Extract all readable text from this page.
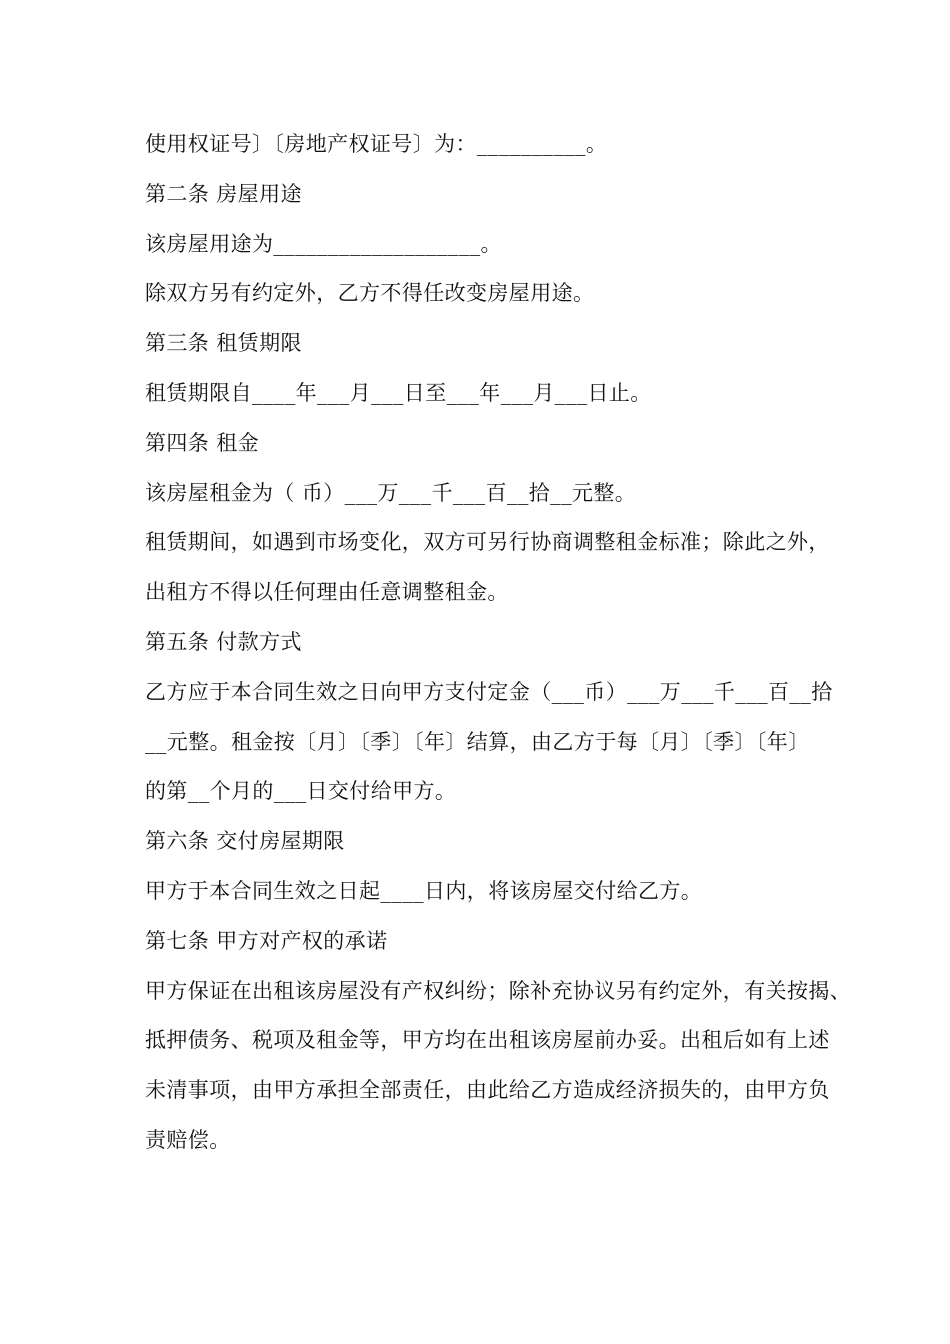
使用权证号〕〔房地产权证号〕为：__________。
第二条 房屋用途
该房屋用途为___________________。
除双方另有约定外，乙方不得任改变房屋用途。
第三条 租赁期限
租赁期限自____年___月___日至___年___月___日止。
第四条 租金
该房屋租金为（ 币）___万___千___百__拾__元整。
租赁期间，如遇到市场变化，双方可另行协商调整租金标准；除此之外，
出租方不得以任何理由任意调整租金。
第五条 付款方式
乙方应于本合同生效之日向甲方支付定金（___币）___万___千___百__拾
__元整。租金按〔月〕〔季〕〔年〕结算，由乙方于每〔月〕〔季〕〔年〕
的第__个月的___日交付给甲方。
第六条 交付房屋期限
甲方于本合同生效之日起____日内，将该房屋交付给乙方。
第七条 甲方对产权的承诺
甲方保证在出租该房屋没有产权纠纷；除补充协议另有约定外，有关按揭、
抵押债务、税项及租金等，甲方均在出租该房屋前办妥。出租后如有上述
未清事项，由甲方承担全部责任，由此给乙方造成经济损失的，由甲方负
责赔偿。
